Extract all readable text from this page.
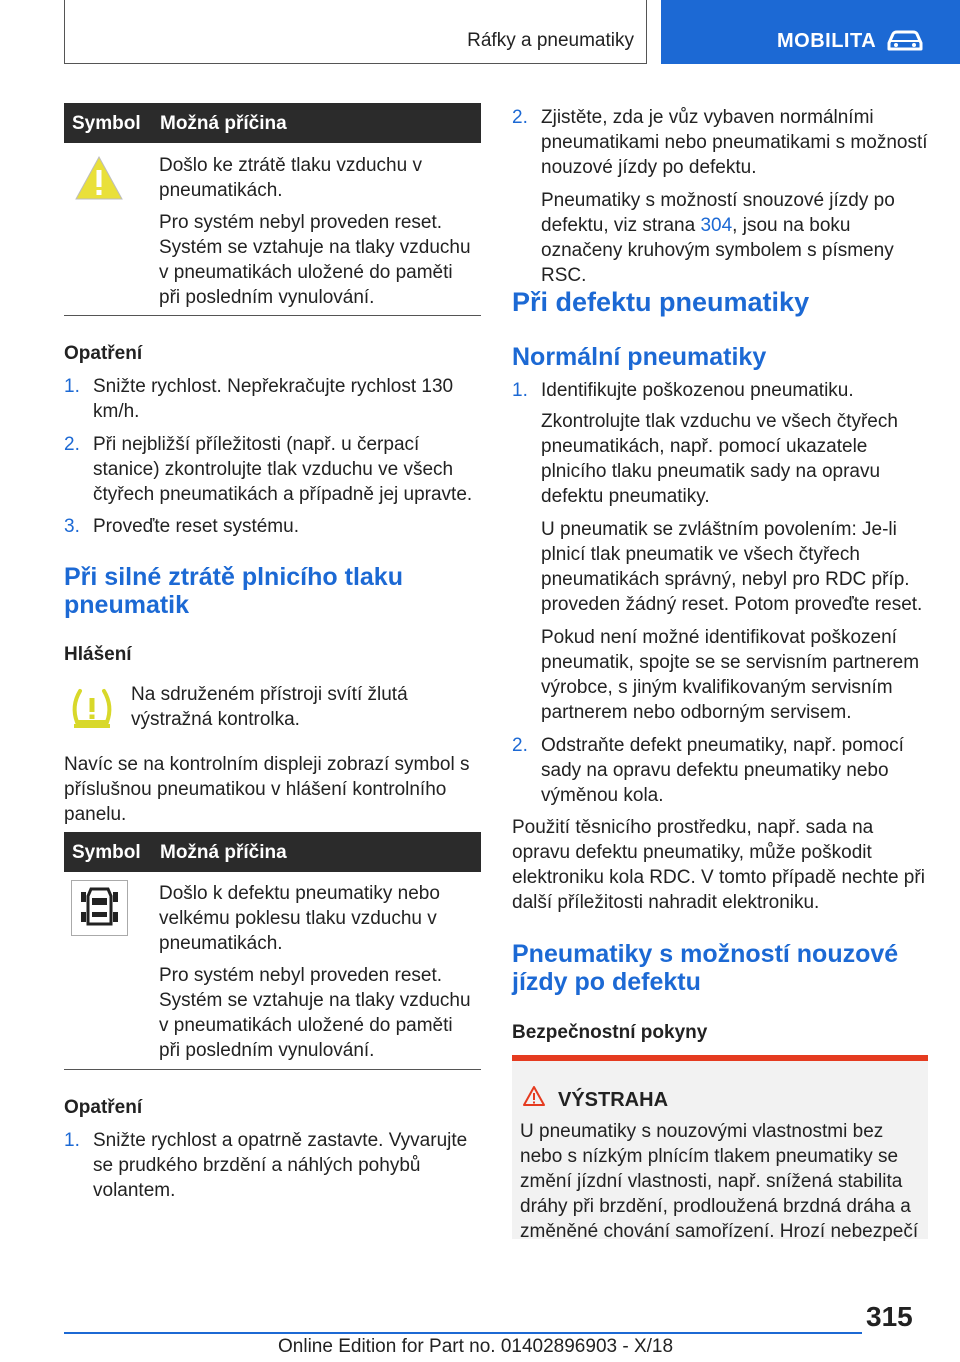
Ráfky a pneumatiky	MOBILITA
Symbol Možná příčina

Došlo ke ztrátě tlaku vzduchu v pneumatikách.

Pro systém nebyl proveden reset. Systém se vztahuje na tlaky vzduchu v pneumatikách uložené do paměti při posledním vynulování.

Opatření
1. Snižte rychlost. Nepřekračujte rychlost 130 km/h.
2. Při nejbližší příležitosti (např. u čerpací stanice) zkontrolujte tlak vzduchu ve všech čtyřech pneumatikách a případně jej upravte.
3. Proveďte reset systému.
Při silné ztrátě plnicího tlaku pneumatik
Hlášení
Na sdruženém přístroji svítí žlutá výstražná kontrolka.
Navíc se na kontrolním displeji zobrazí symbol s příslušnou pneumatikou v hlášení kontrolního panelu.
Symbol Možná příčina

Došlo k defektu pneumatiky nebo velkému poklesu tlaku vzduchu v pneumatikách.

Pro systém nebyl proveden reset. Systém se vztahuje na tlaky vzduchu v pneumatikách uložené do paměti při posledním vynulování.

Opatření
1. Snižte rychlost a opatrně zastavte. Vyvarujte se prudkého brzdění a náhlých pohybů volantem.
2. Zjistěte, zda je vůz vybaven normálními pneumatikami nebo pneumatikami s možností nouzové jízdy po defektu.
Pneumatiky s možností snouzové jízdy po defektu, viz strana 304, jsou na boku označeny kruhovým symbolem s písmeny RSC.
Při defektu pneumatiky
Normální pneumatiky
1. Identifikujte poškozenou pneumatiku.
Zkontrolujte tlak vzduchu ve všech čtyřech pneumatikách, např. pomocí ukazatele plnicího tlaku pneumatik sady na opravu defektu pneumatiky.
U pneumatik se zvláštním povolením: Je-li plnicí tlak pneumatik ve všech čtyřech pneumatikách správný, nebyl pro RDC příp. proveden žádný reset. Potom proveďte reset.
Pokud není možné identifikovat poškození pneumatik, spojte se se servisním partnerem výrobce, s jiným kvalifikovaným servisním partnerem nebo odborným servisem.
2. Odstraňte defekt pneumatiky, např. pomocí sady na opravu defektu pneumatiky nebo výměnou kola.
Použití těsnicího prostředku, např. sada na opravu defektu pneumatiky, může poškodit elektroniku kola RDC. V tomto případě nechte při další příležitosti nahradit elektroniku.
Pneumatiky s možností nouzové jízdy po defektu
Bezpečnostní pokyny
VÝSTRAHA
U pneumatiky s nouzovými vlastnostmi bez nebo s nízkým plnícím tlakem pneumatiky se změní jízdní vlastnosti, např. snížená stabilita dráhy při brzdění, prodloužená brzdná dráha a změněné chování samořízení. Hrozí nebezpečí
315
Online Edition for Part no. 01402896903 - X/18
